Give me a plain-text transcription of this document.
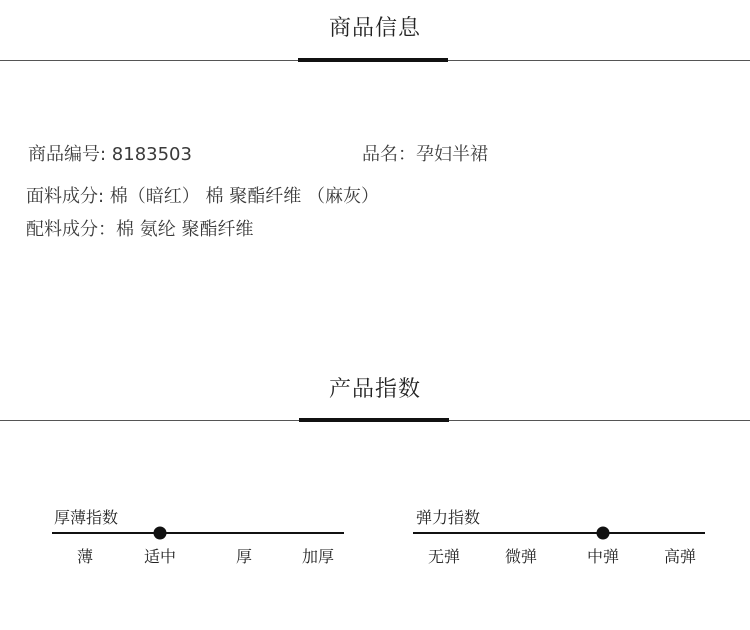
商品信息
商品编号: 8183503	品名：孕妇半裙
面料成分: 棉（暗红） 棉 聚酯纤维 （麻灰）
配料成分：棉 氨纶 聚酯纤维
产品指数
厚薄指数
薄	适中	厚	加厚
弹力指数
无弹	微弹	中弹	高弹
